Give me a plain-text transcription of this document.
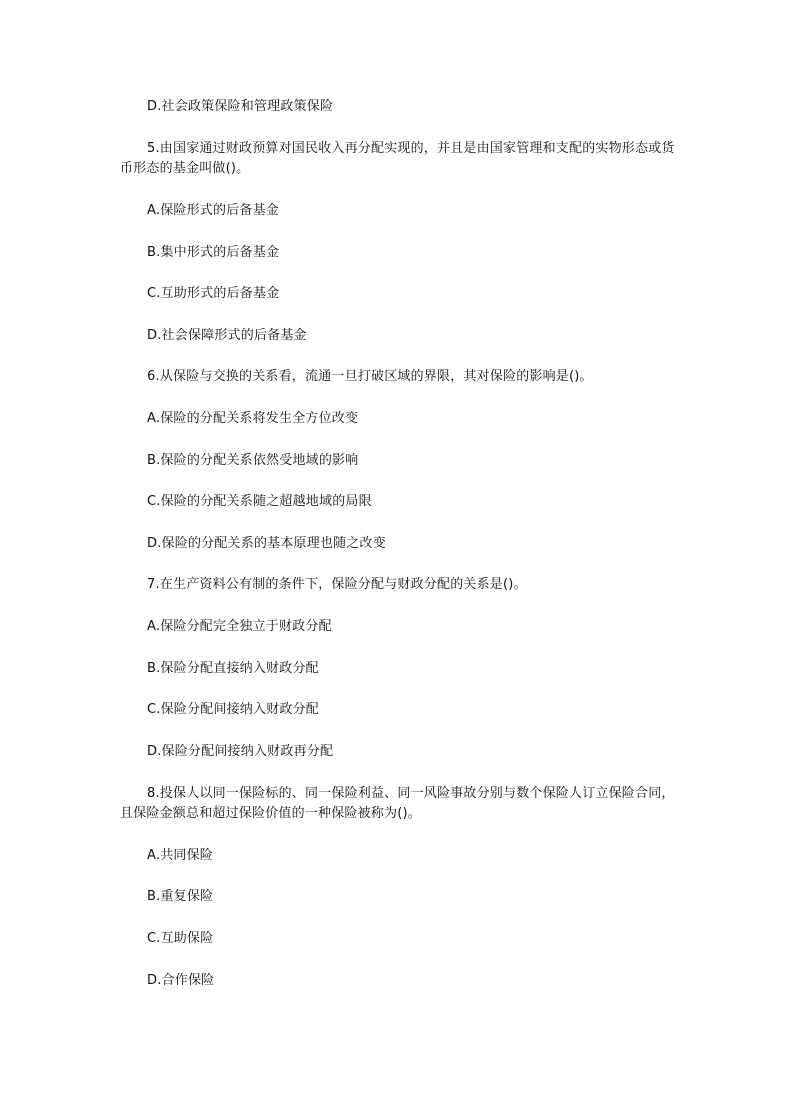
D.社会政策保险和管理政策保险
5.由国家通过财政预算对国民收入再分配实现的，并且是由国家管理和支配的实物形态或货币形态的基金叫做()。
A.保险形式的后备基金
B.集中形式的后备基金
C.互助形式的后备基金
D.社会保障形式的后备基金
6.从保险与交换的关系看，流通一旦打破区域的界限，其对保险的影响是()。
A.保险的分配关系将发生全方位改变
B.保险的分配关系依然受地域的影响
C.保险的分配关系随之超越地域的局限
D.保险的分配关系的基本原理也随之改变
7.在生产资料公有制的条件下，保险分配与财政分配的关系是()。
A.保险分配完全独立于财政分配
B.保险分配直接纳入财政分配
C.保险分配间接纳入财政分配
D.保险分配间接纳入财政再分配
8.投保人以同一保险标的、同一保险利益、同一风险事故分别与数个保险人订立保险合同，且保险金额总和超过保险价值的一种保险被称为()。
A.共同保险
B.重复保险
C.互助保险
D.合作保险
